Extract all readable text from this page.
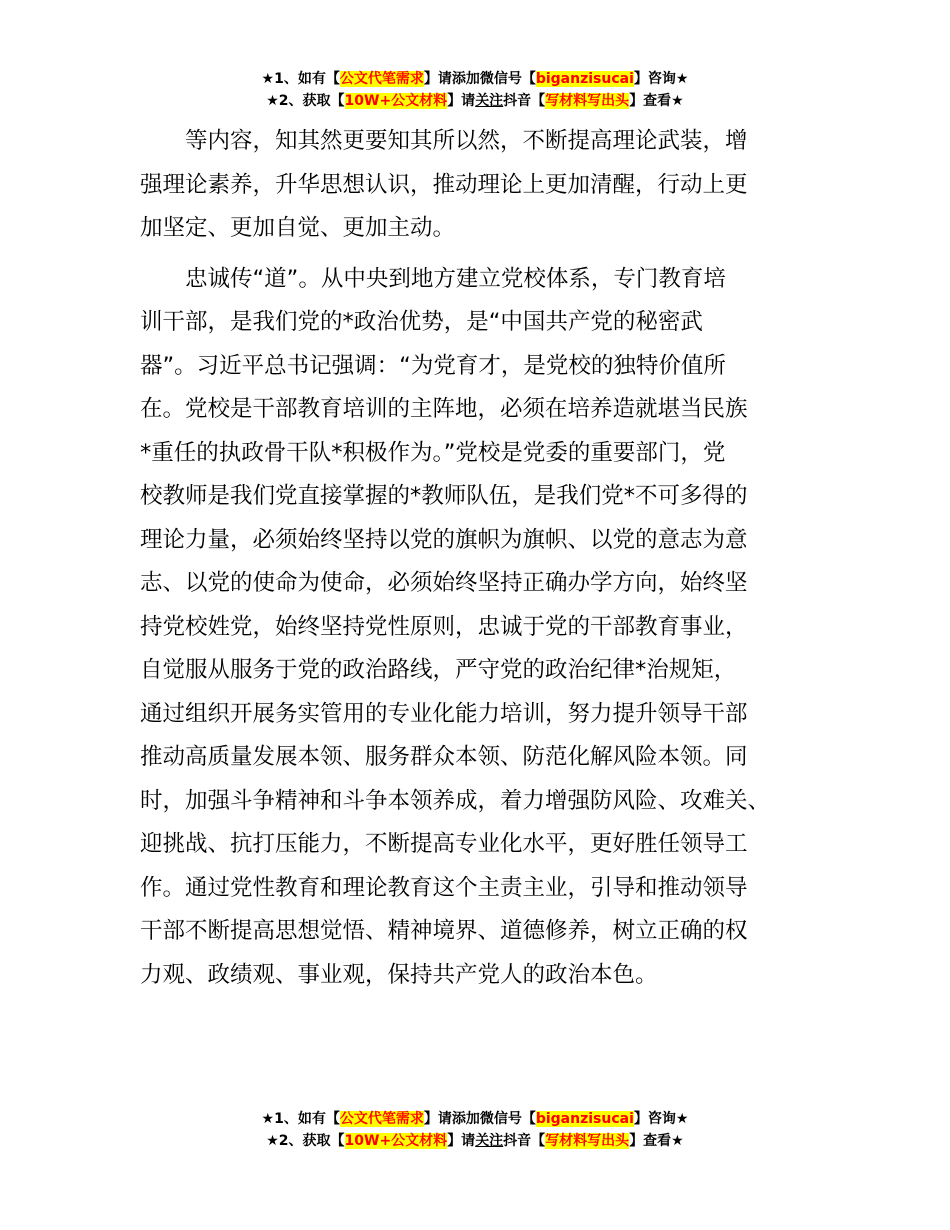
★1、如有【公文代笔需求】请添加微信号【biganzisucai】咨询★
★2、获取【10W+公文材料】请关注抖音【写材料写出头】查看★

等内容，知其然更要知其所以然，不断提高理论武装，增
强理论素养，升华思想认识，推动理论上更加清醒，行动上更
加坚定、更加自觉、更加主动。

忠诚传“道”。从中央到地方建立党校体系，专门教育培
训干部，是我们党的*政治优势，是“中国共产党的秘密武
器”。习近平总书记强调：“为党育才，是党校的独特价值所
在。党校是干部教育培训的主阵地，必须在培养造就堪当民族
*重任的执政骨干队*积极作为。”党校是党委的重要部门，党
校教师是我们党直接掌握的*教师队伍，是我们党*不可多得的
理论力量，必须始终坚持以党的旗帜为旗帜、以党的意志为意
志、以党的使命为使命，必须始终坚持正确办学方向，始终坚
持党校姓党，始终坚持党性原则，忠诚于党的干部教育事业，
自觉服从服务于党的政治路线，严守党的政治纪律*治规矩，
通过组织开展务实管用的专业化能力培训，努力提升领导干部
推动高质量发展本领、服务群众本领、防范化解风险本领。同
时，加强斗争精神和斗争本领养成，着力增强防风险、攻难关、
迎挑战、抗打压能力，不断提高专业化水平，更好胜任领导工
作。通过党性教育和理论教育这个主责主业，引导和推动领导
干部不断提高思想觉悟、精神境界、道德修养，树立正确的权
力观、政绩观、事业观，保持共产党人的政治本色。

★1、如有【公文代笔需求】请添加微信号【biganzisucai】咨询★
★2、获取【10W+公文材料】请关注抖音【写材料写出头】查看★
